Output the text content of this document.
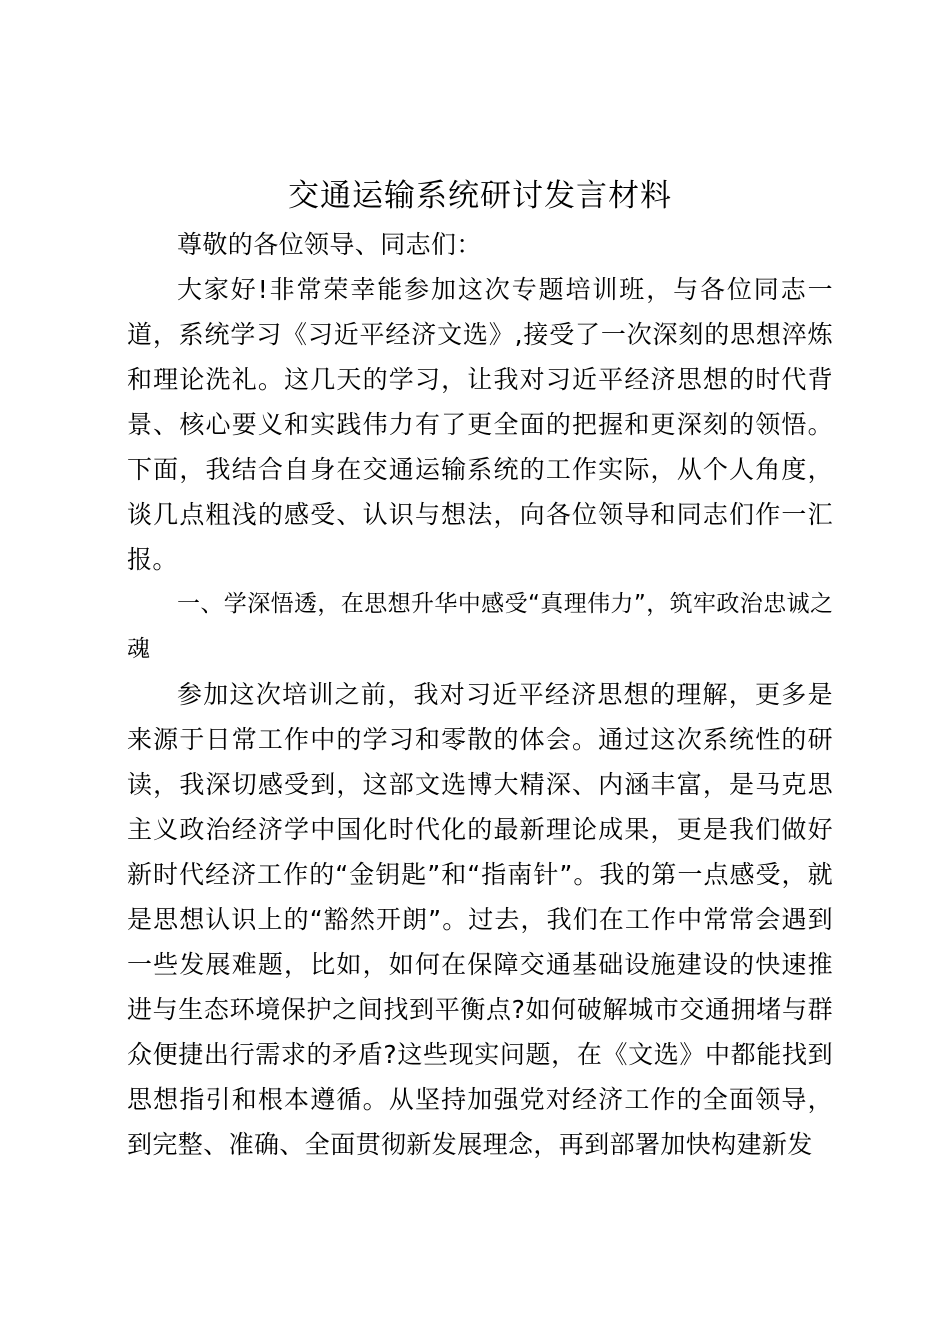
交通运输系统研讨发言材料

尊敬的各位领导、同志们：

大家好!非常荣幸能参加这次专题培训班，与各位同志一道，系统学习《习近平经济文选》,接受了一次深刻的思想淬炼和理论洗礼。这几天的学习，让我对习近平经济思想的时代背景、核心要义和实践伟力有了更全面的把握和更深刻的领悟。下面，我结合自身在交通运输系统的工作实际，从个人角度，谈几点粗浅的感受、认识与想法，向各位领导和同志们作一汇报。

一、学深悟透，在思想升华中感受“真理伟力”，筑牢政治忠诚之魂

参加这次培训之前，我对习近平经济思想的理解，更多是来源于日常工作中的学习和零散的体会。通过这次系统性的研读，我深切感受到，这部文选博大精深、内涵丰富，是马克思主义政治经济学中国化时代化的最新理论成果，更是我们做好新时代经济工作的“金钥匙”和“指南针”。我的第一点感受，就是思想认识上的“豁然开朗”。过去，我们在工作中常常会遇到一些发展难题，比如，如何在保障交通基础设施建设的快速推进与生态环境保护之间找到平衡点?如何破解城市交通拥堵与群众便捷出行需求的矛盾?这些现实问题，在《文选》中都能找到思想指引和根本遵循。从坚持加强党对经济工作的全面领导，到完整、准确、全面贯彻新发展理念，再到部署加快构建新发
